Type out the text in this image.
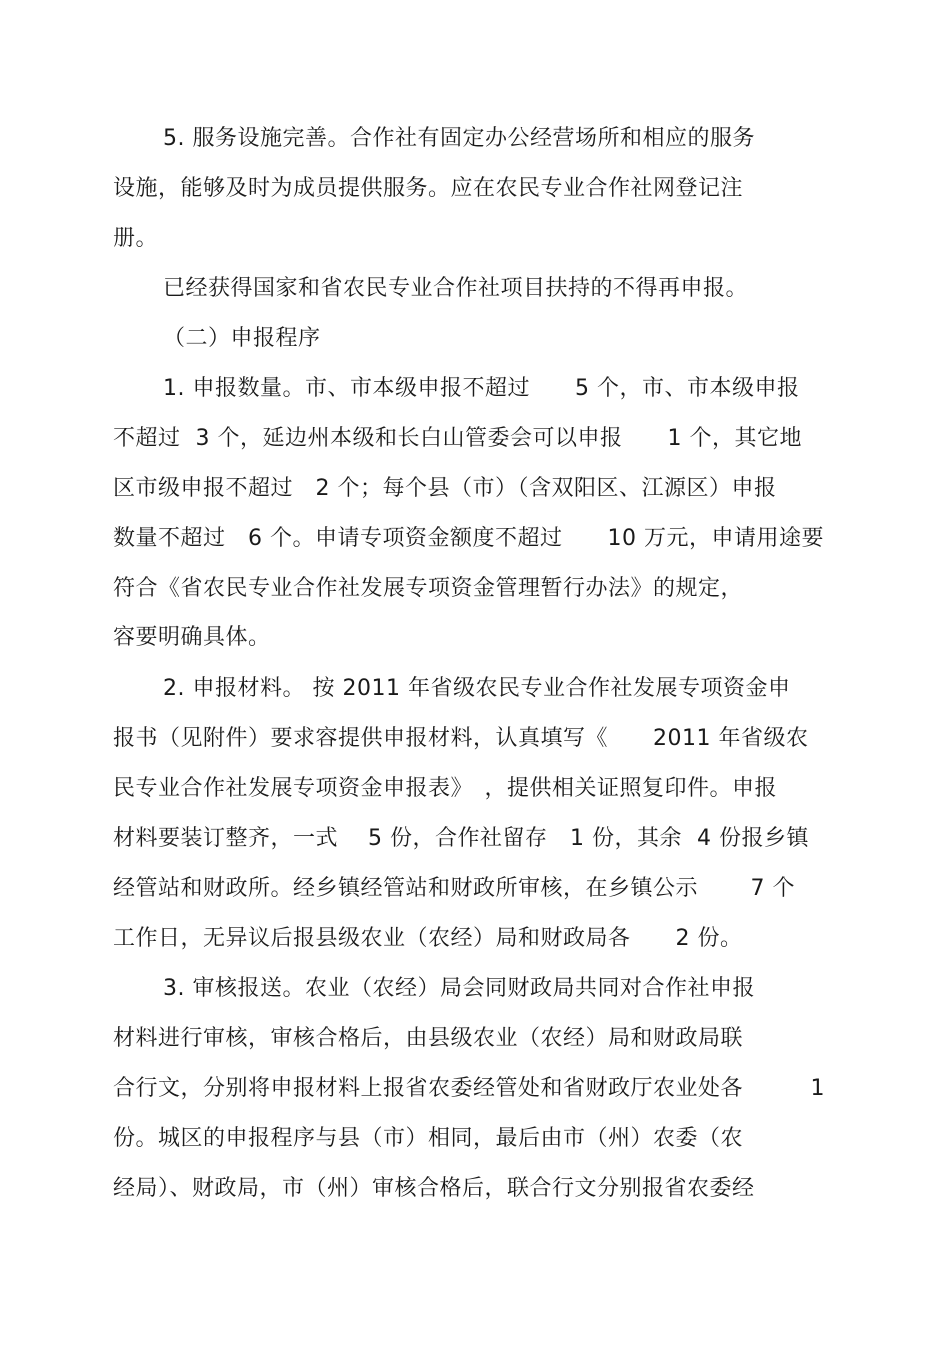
5. 服务设施完善。合作社有固定办公经营场所和相应的服务
设施，能够及时为成员提供服务。应在农民专业合作社网登记注
册。
已经获得国家和省农民专业合作社项目扶持的不得再申报。
（二）申报程序
1. 申报数量。市、市本级申报不超过　　5 个，市、市本级申报
不超过  3 个，延边州本级和长白山管委会可以申报　　1 个，其它地
区市级申报不超过　2 个；每个县（市）（含双阳区、江源区）申报
数量不超过　6 个。申请专项资金额度不超过　　10 万元，申请用途要
符合《省农民专业合作社发展专项资金管理暂行办法》的规定，
容要明确具体。
2. 申报材料。 按 2011 年省级农民专业合作社发展专项资金申
报书（见附件）要求容提供申报材料，认真填写《　　2011 年省级农
民专业合作社发展专项资金申报表》　，提供相关证照复印件。申报
材料要装订整齐，一式　 5 份，合作社留存　1 份，其余  4 份报乡镇
经管站和财政所。经乡镇经管站和财政所审核，在乡镇公示　　 7 个
工作日，无异议后报县级农业（农经）局和财政局各　　2 份。
3. 审核报送。农业（农经）局会同财政局共同对合作社申报
材料进行审核，审核合格后，由县级农业（农经）局和财政局联
合行文，分别将申报材料上报省农委经管处和省财政厅农业处各　　　1
份。城区的申报程序与县（市）相同，最后由市（州）农委（农
经局）、财政局，市（州）审核合格后，联合行文分别报省农委经
